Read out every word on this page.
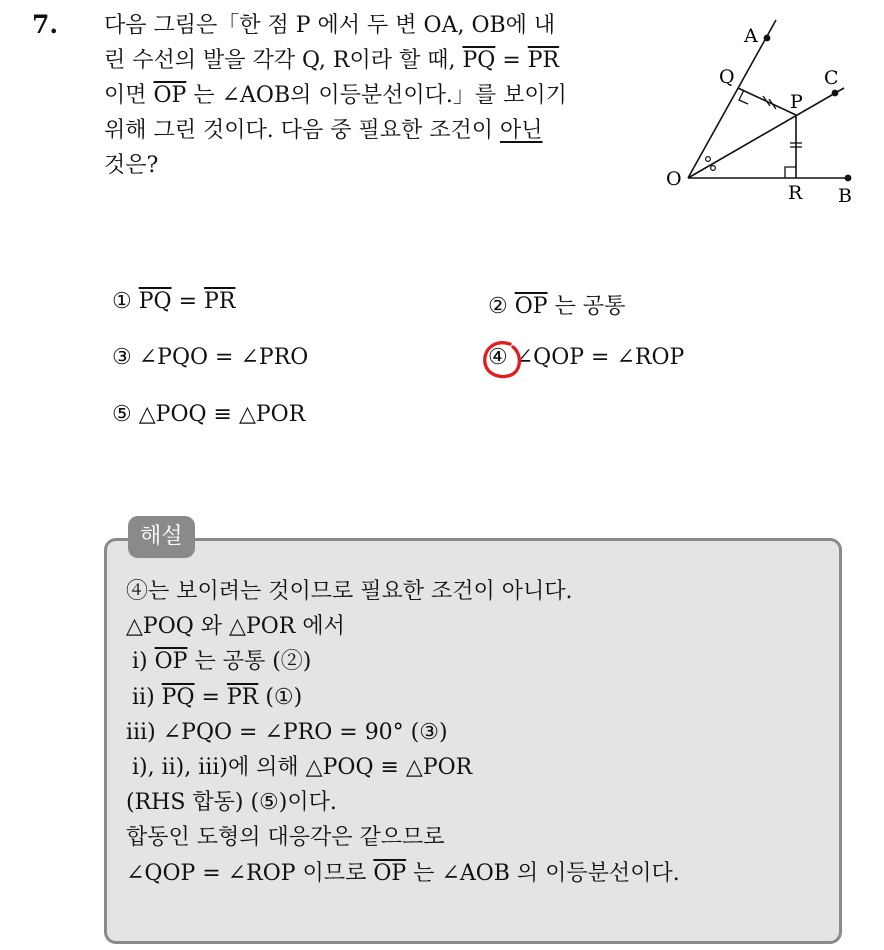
7. 다음 그림은「한 점 P 에서 두 변 OA, OB에 내
린 수선의 발을 각각 Q, R이라 할 때, $\overline{PQ} = \overline{PR}$
이면 $\overline{OP}$ 는 ∠AOB의 이등분선이다.」를 보이기
위해 그린 것이다. 다음 중 필요한 조건이 아닌
것은?
A
Q	C
P
O
R B
① $\overline{PQ} = \overline{PR}$	② $\overline{OP}$ 는 공통
③ ∠PQO = ∠PRO	④ ∠QOP = ∠ROP
⑤ △POQ ≡ △POR
해설
④는 보이려는 것이므로 필요한 조건이 아니다.
△POQ 와 △POR 에서
ⅰ) $\overline{OP}$ 는 공통 (②)
ⅱ) $\overline{PQ} = \overline{PR}$ (①)
ⅲ) ∠PQO = ∠PRO = 90° (③)
ⅰ), ⅱ), ⅲ)에 의해 △POQ ≡ △POR
(RHS 합동) (⑤)이다.
합동인 도형의 대응각은 같으므로
∠QOP = ∠ROP 이므로 $\overline{OP}$ 는 ∠AOB 의 이등분선이다.
